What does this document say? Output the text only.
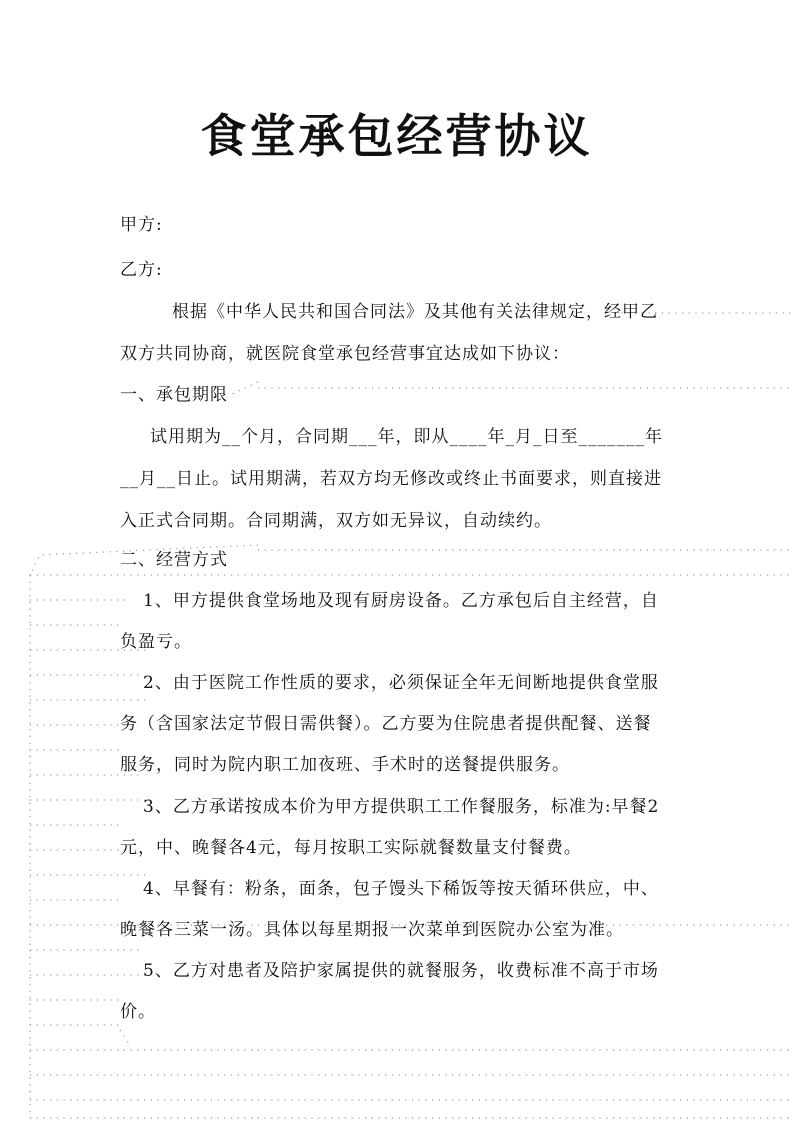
食堂承包经营协议
甲方:
乙方:
根据《中华人民共和国合同法》及其他有关法律规定，经甲乙
双方共同协商，就医院食堂承包经营事宜达成如下协议：
一、承包期限
试用期为__个月，合同期___年，即从____年_月_日至_______年
__月__日止。试用期满，若双方均无修改或终止书面要求，则直接进
入正式合同期。合同期满，双方如无异议，自动续约。
二、经营方式
1、甲方提供食堂场地及现有厨房设备。乙方承包后自主经营，自
负盈亏。
2、由于医院工作性质的要求，必须保证全年无间断地提供食堂服
务（含国家法定节假日需供餐）。乙方要为住院患者提供配餐、送餐
服务，同时为院内职工加夜班、手术时的送餐提供服务。
3、乙方承诺按成本价为甲方提供职工工作餐服务，标准为:早餐2
元，中、晚餐各4元，每月按职工实际就餐数量支付餐费。
4、早餐有：粉条，面条，包子馒头下稀饭等按天循环供应，中、
晚餐各三菜一汤。具体以每星期报一次菜单到医院办公室为准。
5、乙方对患者及陪护家属提供的就餐服务，收费标准不高于市场
价。
